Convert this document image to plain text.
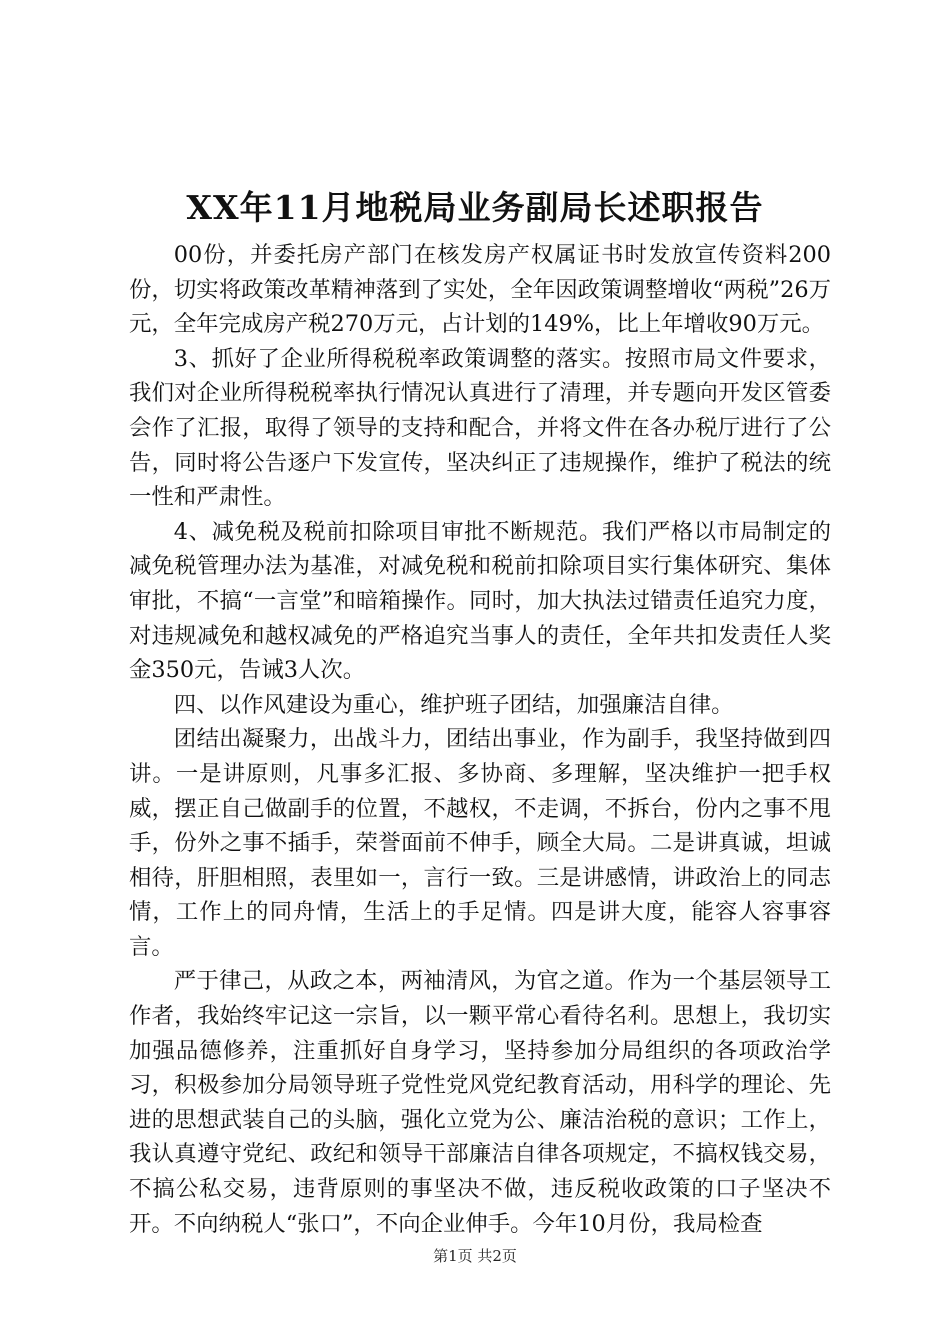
XX年11月地税局业务副局长述职报告

00份，并委托房产部门在核发房产权属证书时发放宣传资料200份，切实将政策改革精神落到了实处，全年因政策调整增收“两税”26万元，全年完成房产税270万元，占计划的149%，比上年增收90万元。

3、抓好了企业所得税税率政策调整的落实。按照市局文件要求，我们对企业所得税税率执行情况认真进行了清理，并专题向开发区管委会作了汇报，取得了领导的支持和配合，并将文件在各办税厅进行了公告，同时将公告逐户下发宣传，坚决纠正了违规操作，维护了税法的统一性和严肃性。

4、减免税及税前扣除项目审批不断规范。我们严格以市局制定的减免税管理办法为基准，对减免税和税前扣除项目实行集体研究、集体审批，不搞“一言堂”和暗箱操作。同时，加大执法过错责任追究力度，对违规减免和越权减免的严格追究当事人的责任，全年共扣发责任人奖金350元，告诫3人次。

四、以作风建设为重心，维护班子团结，加强廉洁自律。

团结出凝聚力，出战斗力，团结出事业，作为副手，我坚持做到四讲。一是讲原则，凡事多汇报、多协商、多理解，坚决维护一把手权威，摆正自己做副手的位置，不越权，不走调，不拆台，份内之事不甩手，份外之事不插手，荣誉面前不伸手，顾全大局。二是讲真诚，坦诚相待，肝胆相照，表里如一，言行一致。三是讲感情，讲政治上的同志情，工作上的同舟情，生活上的手足情。四是讲大度，能容人容事容言。

严于律己，从政之本，两袖清风，为官之道。作为一个基层领导工作者，我始终牢记这一宗旨，以一颗平常心看待名利。思想上，我切实加强品德修养，注重抓好自身学习，坚持参加分局组织的各项政治学习，积极参加分局领导班子党性党风党纪教育活动，用科学的理论、先进的思想武装自己的头脑，强化立党为公、廉洁治税的意识；工作上，我认真遵守党纪、政纪和领导干部廉洁自律各项规定，不搞权钱交易，不搞公私交易，违背原则的事坚决不做，违反税收政策的口子坚决不开。不向纳税人“张口”，不向企业伸手。今年10月份，我局检查

第1页 共2页
